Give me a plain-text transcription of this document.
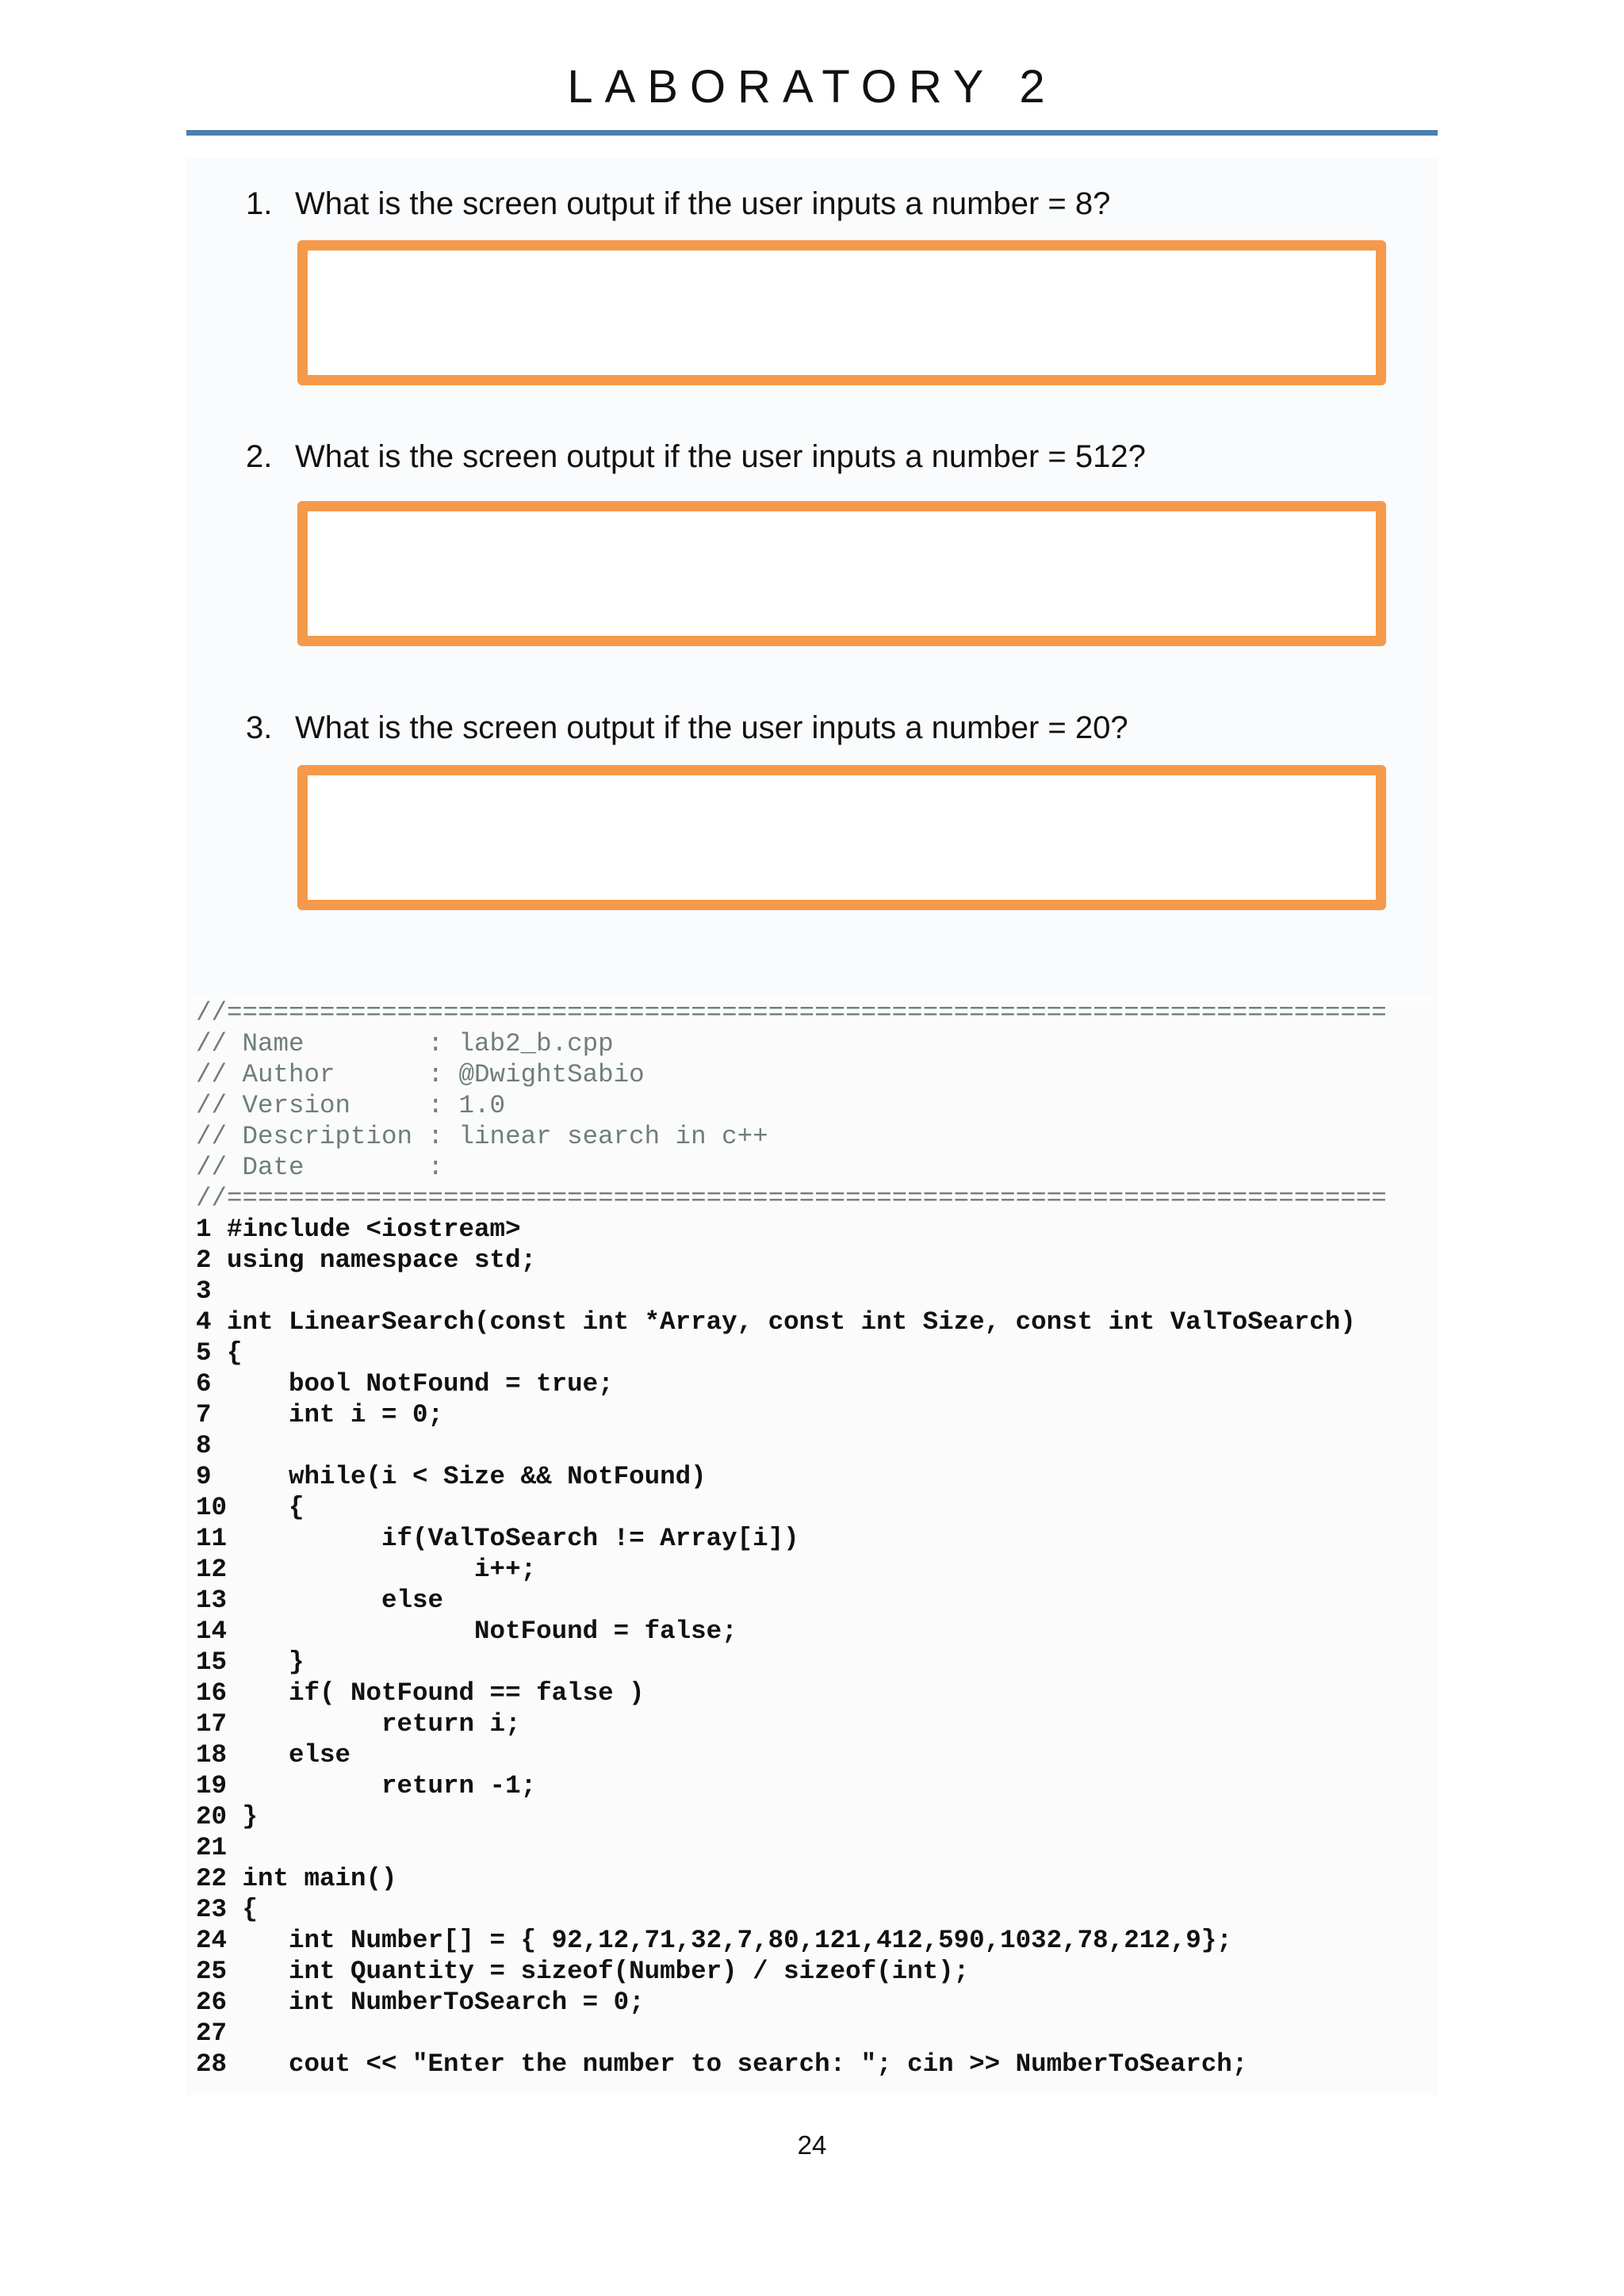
LABORATORY 2
1. What is the screen output if the user inputs a number = 8?
2. What is the screen output if the user inputs a number = 512?
3. What is the screen output if the user inputs a number = 20?
//===========================================================================
// Name        : lab2_b.cpp
// Author      : @DwightSabio
// Version     : 1.0
// Description : linear search in c++
// Date        :
//===========================================================================
1 #include <iostream>
2 using namespace std;
3
4 int LinearSearch(const int *Array, const int Size, const int ValToSearch)
5 {
6     bool NotFound = true;
7     int i = 0;
8
9     while(i < Size && NotFound)
10    {
11          if(ValToSearch != Array[i])
12                i++;
13          else
14                NotFound = false;
15    }
16    if( NotFound == false )
17          return i;
18    else
19          return -1;
20 }
21
22 int main()
23 {
24    int Number[] = { 92,12,71,32,7,80,121,412,590,1032,78,212,9};
25    int Quantity = sizeof(Number) / sizeof(int);
26    int NumberToSearch = 0;
27
28    cout << "Enter the number to search: "; cin >> NumberToSearch;
24
